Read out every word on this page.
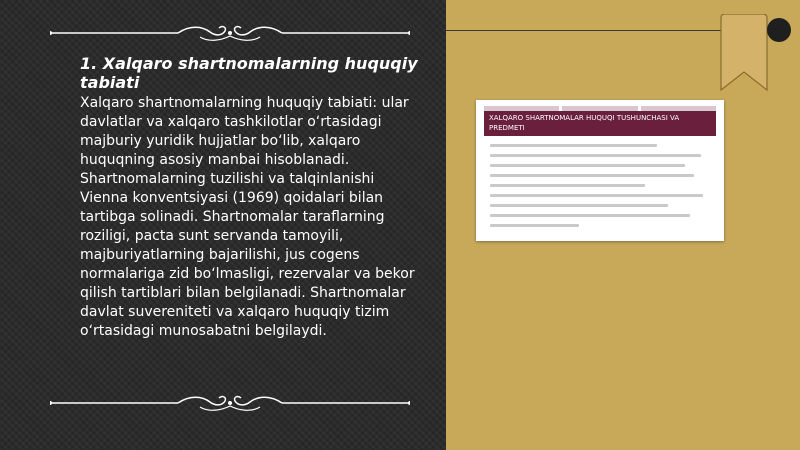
1. Xalqaro shartnomalarning huquqiy tabiati

Xalqaro shartnomalarning huquqiy tabiati: ular davlatlar va xalqaro tashkilotlar o‘rtasidagi majburiy yuridik hujjatlar bo‘lib, xalqaro huquqning asosiy manbai hisoblanadi. Shartnomalarning tuzilishi va talqinlanishi Vienna konventsiyasi (1969) qoidalari bilan tartibga solinadi. Shartnomalar taraflarning roziligi, pacta sunt servanda tamoyili, majburiyatlarning bajarilishi, jus cogens normalariga zid bo‘lmasligi, rezervalar va bekor qilish tartiblari bilan belgilanadi. Shartnomalar davlat suvereniteti va xalqaro huquqiy tizim o‘rtasidagi munosabatni belgilaydi.

XALQARO SHARTNOMALAR HUQUQI TUSHUNCHASI VA PREDMETI
